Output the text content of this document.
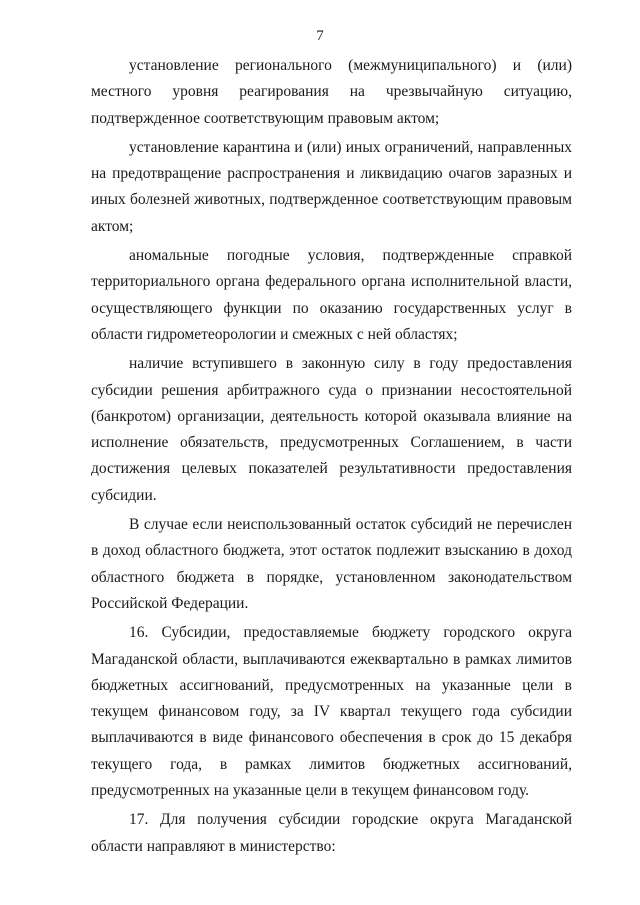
7

установление регионального (межмуниципального) и (или) местного уровня реагирования на чрезвычайную ситуацию, подтвержденное соответствующим правовым актом;

установление карантина и (или) иных ограничений, направленных на предотвращение распространения и ликвидацию очагов заразных и иных болезней животных, подтвержденное соответствующим правовым актом;

аномальные погодные условия, подтвержденные справкой территориального органа федерального органа исполнительной власти, осуществляющего функции по оказанию государственных услуг в области гидрометеорологии и смежных с ней областях;

наличие вступившего в законную силу в году предоставления субсидии решения арбитражного суда о признании несостоятельной (банкротом) организации, деятельность которой оказывала влияние на исполнение обязательств, предусмотренных Соглашением, в части достижения целевых показателей результативности предоставления субсидии.

В случае если неиспользованный остаток субсидий не перечислен в доход областного бюджета, этот остаток подлежит взысканию в доход областного бюджета в порядке, установленном законодательством Российской Федерации.

16. Субсидии, предоставляемые бюджету городского округа Магаданской области, выплачиваются ежеквартально в рамках лимитов бюджетных ассигнований, предусмотренных на указанные цели в текущем финансовом году, за IV квартал текущего года субсидии выплачиваются в виде финансового обеспечения в срок до 15 декабря текущего года, в рамках лимитов бюджетных ассигнований, предусмотренных на указанные цели в текущем финансовом году.

17. Для получения субсидии городские округа Магаданской области направляют в министерство:
